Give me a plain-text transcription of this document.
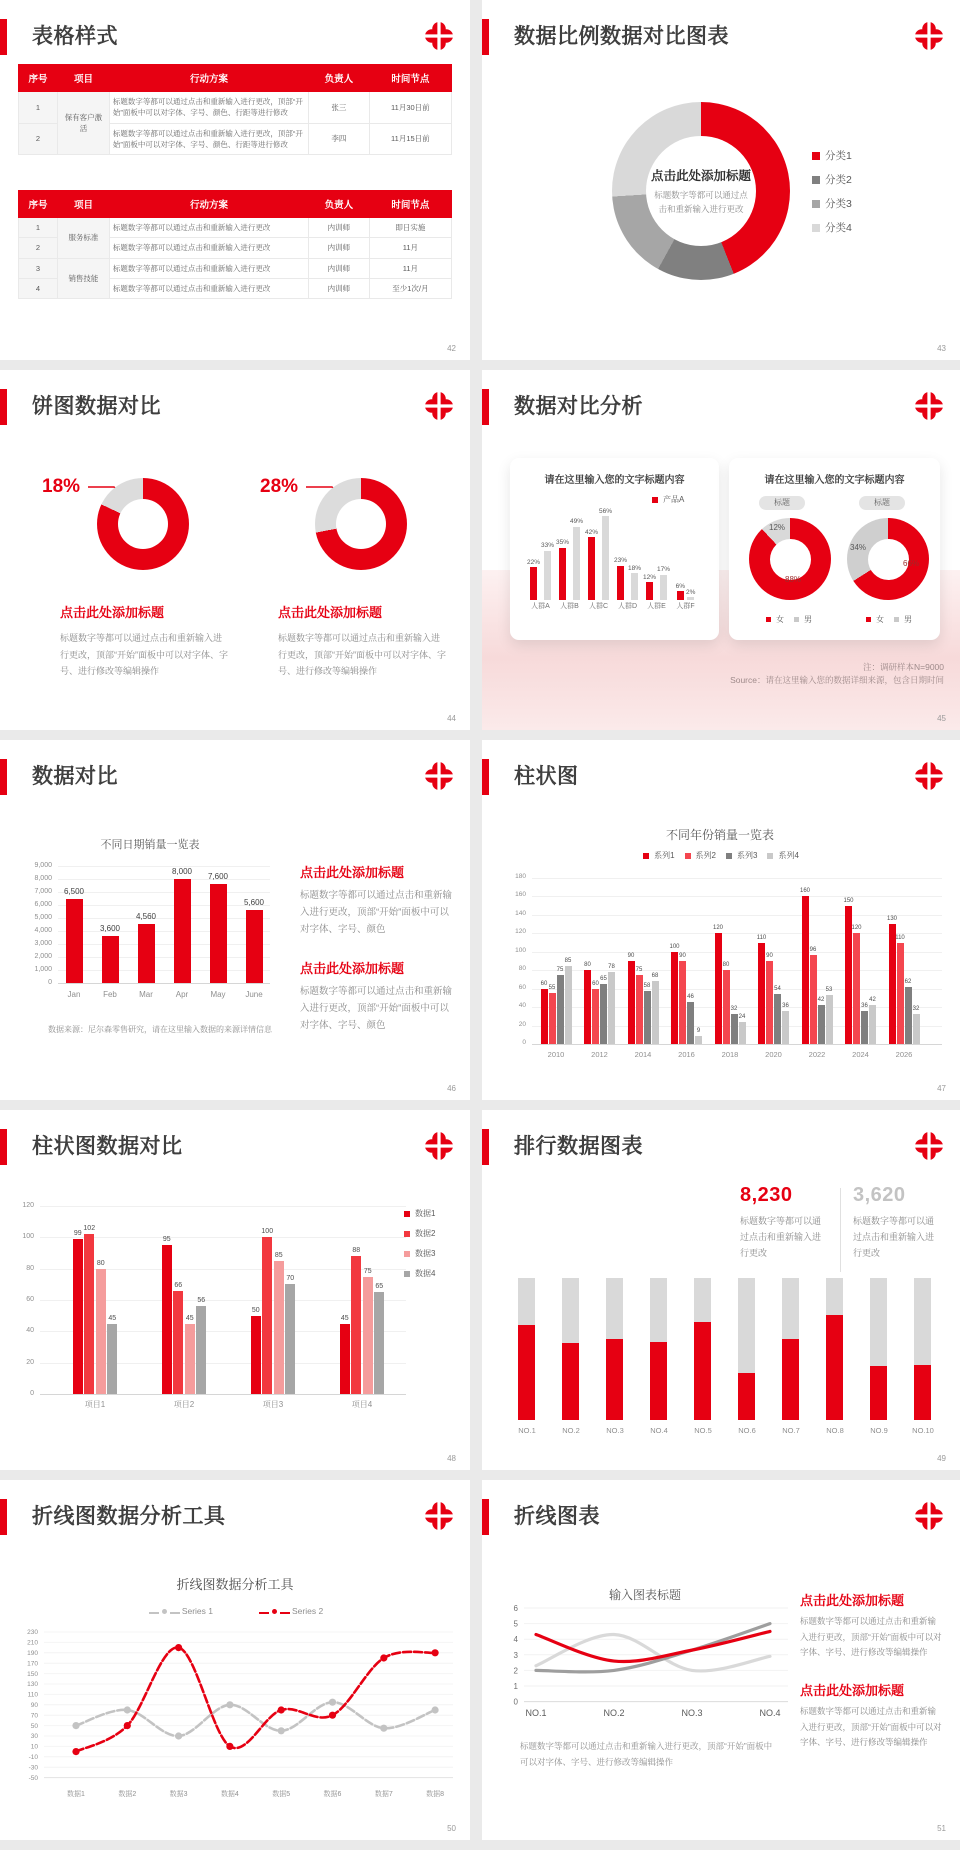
表格样式
序号	项目	行动方案	负责人	时间节点
1	保有客户激活	标题数字等都可以通过点击和重新输入进行更改，顶部“开始”面板中可以对字体、字号、颜色、行距等进行修改	张三	11月30日前
2		标题数字等都可以通过点击和重新输入进行更改，顶部“开始”面板中可以对字体、字号、颜色、行距等进行修改	李四	11月15日前
序号	项目	行动方案	负责人	时间节点
1	服务标准	标题数字等都可以通过点击和重新输入进行更改	内训师	即日实施
2		标题数字等都可以通过点击和重新输入进行更改	内训师	11月
3	销售技能	标题数字等都可以通过点击和重新输入进行更改	内训师	11月
4		标题数字等都可以通过点击和重新输入进行更改	内训师	至少1次/月
42
数据比例数据对比图表
点击此处添加标题

标题数字等都可以通过点击和重新输入进行更改

分类1
分类2
分类3
分类4
43
饼图数据对比
18%
点击此处添加标题

标题数字等都可以通过点击和重新输入进行更改，顶部“开始”面板中可以对字体、字号、进行修改等编辑操作

28%
点击此处添加标题

标题数字等都可以通过点击和重新输入进行更改，顶部“开始”面板中可以对字体、字号、进行修改等编辑操作

44
数据对比分析
请在这里输入您的文字标题内容
产品A
22%
33%
人群A
35%
49%
人群B
42%
56%
人群C
23%
18%
人群D
12%
17%
人群E
6%
2%
人群F
请在这里输入您的文字标题内容
标题	标题
女	男	女	男
12%
88%
34%
66%

注：调研样本N=9000

Source：请在这里输入您的数据详细来源，包含日期时间

45
数据对比
不同日期销量一览表
0
1,000
2,000
3,000
4,000
5,000
6,000
7,000
8,000
9,000
6,500
3,600
4,560
8,000
7,600
5,600
Jan	Feb	Mar	Apr	May	June

数据来源：尼尔森零售研究，请在这里输入数据的来源详情信息

点击此处添加标题

标题数字等都可以通过点击和重新输入进行更改，顶部“开始”面板中可以对字体、字号、颜色

点击此处添加标题

标题数字等都可以通过点击和重新输入进行更改，顶部“开始”面板中可以对字体、字号、颜色

46
柱状图
不同年份销量一览表
系列1	系列2	系列3	系列4
0
20
40
60
80
100
120
140
160
180
60
80
90
100
120
110
160
150
130
55
60
75
90
80
90
96
120
110
75
65
58
46
32
54
42
36
62
85
78
68
9
24
36
53
42
32
2010	2012	2014	2016	2018	2020	2022	2024	2026
47
柱状图数据对比
0
20
40
60
80
100
120
99
95
50
45
102
66
100
88
80
45
85
75
45
56
70
65
项目1	项目2	项目3	项目4
数据1
数据2
数据3
数据4
48
排行数据图表
8,230

标题数字等都可以通过点击和重新输入进行更改

3,620

标题数字等都可以通过点击和重新输入进行更改

NO.1	NO.2	NO.3	NO.4	NO.5	NO.6	NO.7	NO.8	NO.9	NO.10
49
折线图数据分析工具
折线图数据分析工具
Series 1	Series 2
230
210
190
170
150
130
110
90
70
50
30
10
-10
-30
-50
数据1	数据2	数据3	数据4	数据5	数据6	数据7	数据8
50
折线图表
输入图表标题
0
1
2
3
4
5
6
NO.1	NO.2	NO.3	NO.4

标题数字等都可以通过点击和重新输入进行更改，顶部“开始”面板中可以对字体、字号、进行修改等编辑操作

点击此处添加标题

标题数字等都可以通过点击和重新输入进行更改，顶部“开始”面板中可以对字体、字号、进行修改等编辑操作

点击此处添加标题

标题数字等都可以通过点击和重新输入进行更改，顶部“开始”面板中可以对字体、字号、进行修改等编辑操作

51
